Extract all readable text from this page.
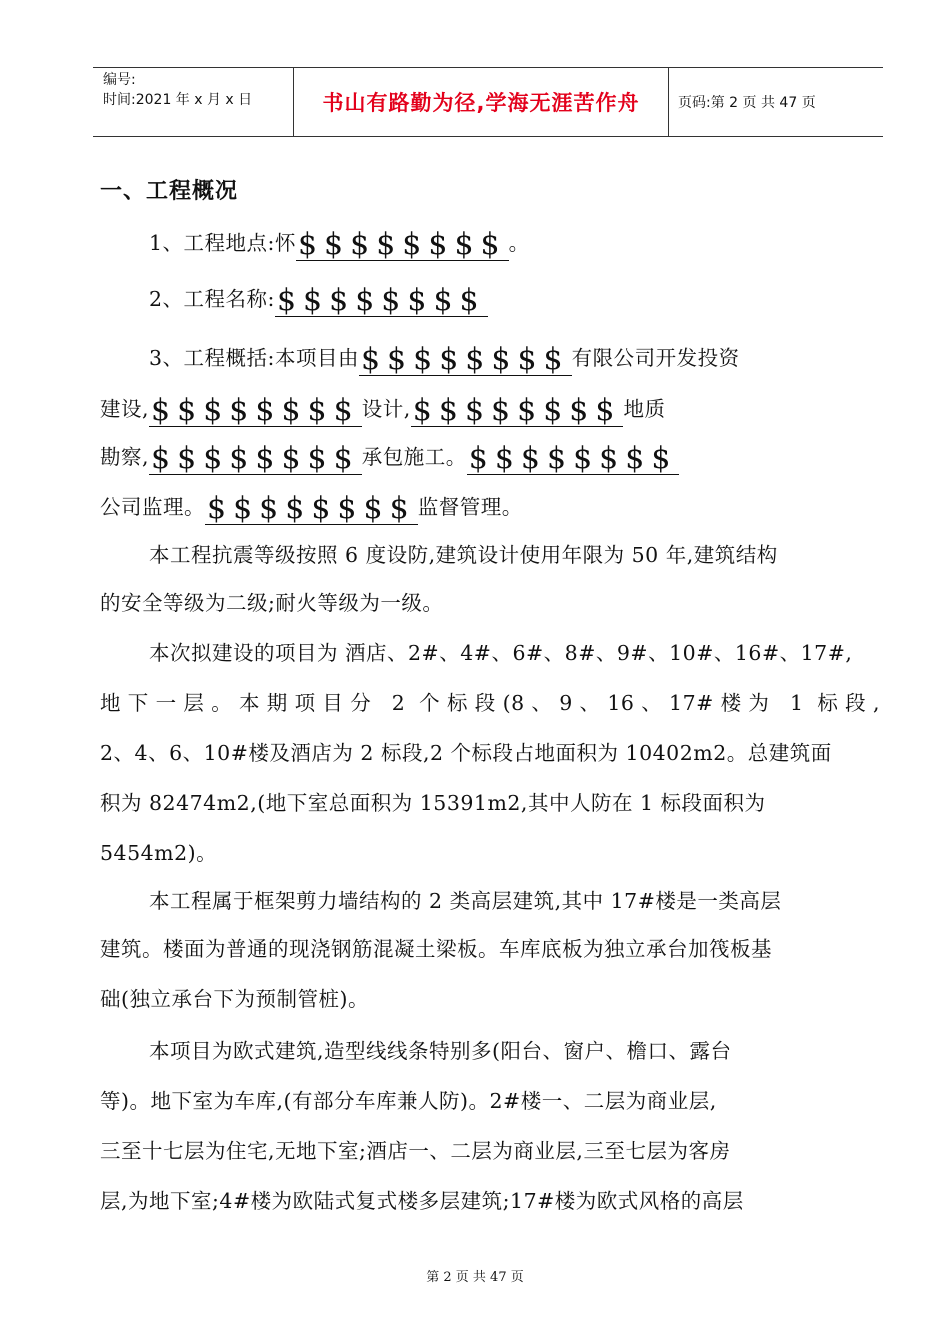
编号:
时间:2021 年 x 月 x 日	书山有路勤为径,学海无涯苦作舟	页码:第 2 页 共 47 页
一、工程概况
1、工程地点:怀$$$$$$$$。
2、工程名称:$$$$$$$$
3、工程概括:本项目由$$$$$$$$有限公司开发投资
建设,$$$$$$$$设计,$$$$$$$$地质
勘察,$$$$$$$$承包施工。$$$$$$$$
公司监理。$$$$$$$$监督管理。
本工程抗震等级按照 6 度设防,建筑设计使用年限为 50 年,建筑结构
的安全等级为二级;耐火等级为一级。
本次拟建设的项目为 酒店、2#、4#、6#、8#、9#、10#、16#、17#,
地下一层。本期项目分 2 个标段(8、9、16、17#楼为 1 标段,
2、4、6、10#楼及酒店为 2 标段,2 个标段占地面积为 10402m2。总建筑面
积为 82474m2,(地下室总面积为 15391m2,其中人防在 1 标段面积为
5454m2)。
本工程属于框架剪力墙结构的 2 类高层建筑,其中 17#楼是一类高层
建筑。楼面为普通的现浇钢筋混凝土梁板。车库底板为独立承台加筏板基
础(独立承台下为预制管桩)。
本项目为欧式建筑,造型线线条特别多(阳台、窗户、檐口、露台
等)。地下室为车库,(有部分车库兼人防)。2#楼一、二层为商业层,
三至十七层为住宅,无地下室;酒店一、二层为商业层,三至七层为客房
层,为地下室;4#楼为欧陆式复式楼多层建筑;17#楼为欧式风格的高层
第 2 页 共 47 页
